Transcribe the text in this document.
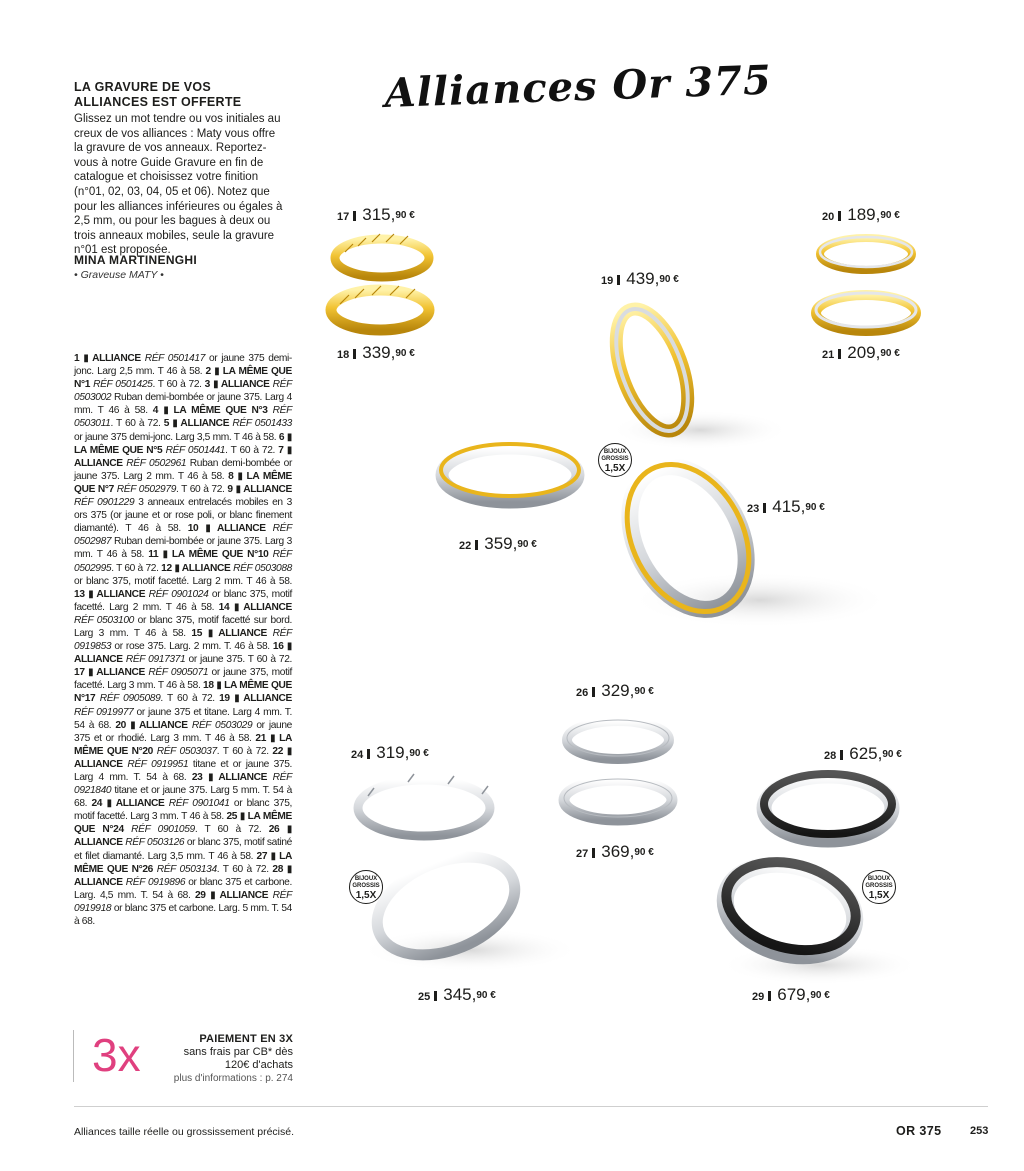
Alliances Or 375
LA GRAVURE DE VOS
ALLIANCES EST OFFERTE
Glissez un mot tendre ou vos initiales au creux de vos alliances : Maty vous offre la gravure de vos anneaux. Reportez-vous à notre Guide Gravure en fin de catalogue et choisissez votre finition (n°01, 02, 03, 04, 05 et 06). Notez que pour les alliances inférieures ou égales à 2,5 mm, ou pour les bagues à deux ou trois anneaux mobiles, seule la gravure n°01 est proposée.
MINA MARTINENGHI
• Graveuse MATY •
1 ▮ ALLIANCE RÉF 0501417 or jaune 375 demi-jonc. Larg 2,5 mm. T 46 à 58. 2 ▮ LA MÊME QUE N°1 RÉF 0501425. T 60 à 72. 3 ▮ ALLIANCE RÉF 0503002 Ruban demi-bombée or jaune 375. Larg 4 mm. T 46 à 58. 4 ▮ LA MÊME QUE N°3 RÉF 0503011. T 60 à 72. 5 ▮ ALLIANCE RÉF 0501433 or jaune 375 demi-jonc. Larg 3,5 mm. T 46 à 58. 6 ▮ LA MÊME QUE N°5 RÉF 0501441. T 60 à 72. 7 ▮ ALLIANCE RÉF 0502961 Ruban demi-bombée or jaune 375. Larg 2 mm. T 46 à 58. 8 ▮ LA MÊME QUE N°7 RÉF 0502979. T 60 à 72. 9 ▮ ALLIANCE RÉF 0901229 3 anneaux entrelacés mobiles en 3 ors 375 (or jaune et or rose poli, or blanc finement diamanté). T 46 à 58. 10 ▮ ALLIANCE RÉF 0502987 Ruban demi-bombée or jaune 375. Larg 3 mm. T 46 à 58. 11 ▮ LA MÊME QUE N°10 RÉF 0502995. T 60 à 72. 12 ▮ ALLIANCE RÉF 0503088 or blanc 375, motif facetté. Larg 2 mm. T 46 à 58. 13 ▮ ALLIANCE RÉF 0901024 or blanc 375, motif facetté. Larg 2 mm. T 46 à 58. 14 ▮ ALLIANCE RÉF 0503100 or blanc 375, motif facetté sur bord. Larg 3 mm. T 46 à 58. 15 ▮ ALLIANCE RÉF 0919853 or rose 375. Larg. 2 mm. T. 46 à 58. 16 ▮ ALLIANCE RÉF 0917371 or jaune 375. T 60 à 72. 17 ▮ ALLIANCE RÉF 0905071 or jaune 375, motif facetté. Larg 3 mm. T 46 à 58. 18 ▮ LA MÊME QUE N°17 RÉF 0905089. T 60 à 72. 19 ▮ ALLIANCE RÉF 0919977 or jaune 375 et titane. Larg 4 mm. T. 54 à 68. 20 ▮ ALLIANCE RÉF 0503029 or jaune 375 et or rhodié. Larg 3 mm. T 46 à 58. 21 ▮ LA MÊME QUE N°20 RÉF 0503037. T 60 à 72. 22 ▮ ALLIANCE RÉF 0919951 titane et or jaune 375. Larg 4 mm. T. 54 à 68. 23 ▮ ALLIANCE RÉF 0921840 titane et or jaune 375. Larg 5 mm. T. 54 à 68. 24 ▮ ALLIANCE RÉF 0901041 or blanc 375, motif facetté. Larg 3 mm. T 46 à 58. 25 ▮ LA MÊME QUE N°24 RÉF 0901059. T 60 à 72. 26 ▮ ALLIANCE RÉF 0503126 or blanc 375, motif satiné et filet diamanté. Larg 3,5 mm. T 46 à 58. 27 ▮ LA MÊME QUE N°26 RÉF 0503134. T 60 à 72. 28 ▮ ALLIANCE RÉF 0919896 or blanc 375 et carbone. Larg. 4,5 mm. T. 54 à 68. 29 ▮ ALLIANCE RÉF 0919918 or blanc 375 et carbone. Larg. 5 mm. T. 54 à 68.
3x	PAIEMENT EN 3X
sans frais par CB* dès
120€ d'achats
plus d'informations : p. 274
Alliances taille réelle ou grossissement précisé.	OR 375	253
17 315,90 €
18 339,90 €
19 439,90 €
20 189,90 €
21 209,90 €
22 359,90 €
23 415,90 €
24 319,90 €
25 345,90 €
26 329,90 €
27 369,90 €
28 625,90 €
29 679,90 €
BIJOUX
GROSSIS
1,5X
BIJOUX
GROSSIS
1,5X
BIJOUX
GROSSIS
1,5X
